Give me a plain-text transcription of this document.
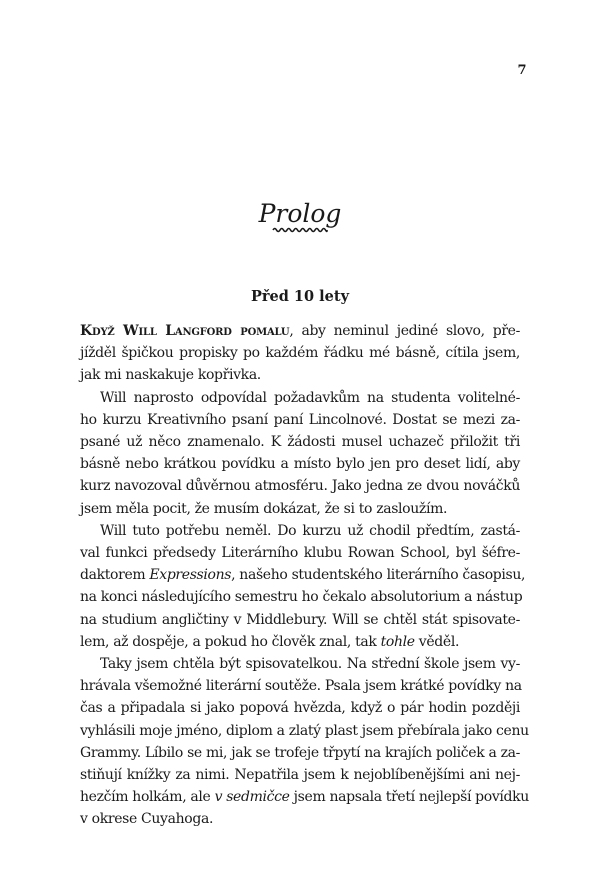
7
Prolog
Před 10 lety
Když Will Langford pomalu, aby neminul jediné slovo, pře-
jížděl špičkou propisky po každém řádku mé básně, cítila jsem,
jak mi naskakuje kopřivka.
Will naprosto odpovídal požadavkům na studenta volitelné-
ho kurzu Kreativního psaní paní Lincolnové. Dostat se mezi za-
psané už něco znamenalo. K žádosti musel uchazeč přiložit tři
básně nebo krátkou povídku a místo bylo jen pro deset lidí, aby
kurz navozoval důvěrnou atmosféru. Jako jedna ze dvou nováčků
jsem měla pocit, že musím dokázat, že si to zasloužím.
Will tuto potřebu neměl. Do kurzu už chodil předtím, zastá-
val funkci předsedy Literárního klubu Rowan School, byl šéfre-
daktorem Expressions, našeho studentského literárního časopisu,
na konci následujícího semestru ho čekalo absolutorium a nástup
na studium angličtiny v Middlebury. Will se chtěl stát spisovate-
lem, až dospěje, a pokud ho člověk znal, tak tohle věděl.
Taky jsem chtěla být spisovatelkou. Na střední škole jsem vy-
hrávala všemožné literární soutěže. Psala jsem krátké povídky na
čas a připadala si jako popová hvězda, když o pár hodin později
vyhlásili moje jméno, diplom a zlatý plast jsem přebírala jako cenu
Grammy. Líbilo se mi, jak se trofeje třpytí na krajích poliček a za-
stiňují knížky za nimi. Nepatřila jsem k nejoblíbenějšími ani nej-
hezčím holkám, ale v sedmičce jsem napsala třetí nejlepší povídku
v okrese Cuyahoga.
